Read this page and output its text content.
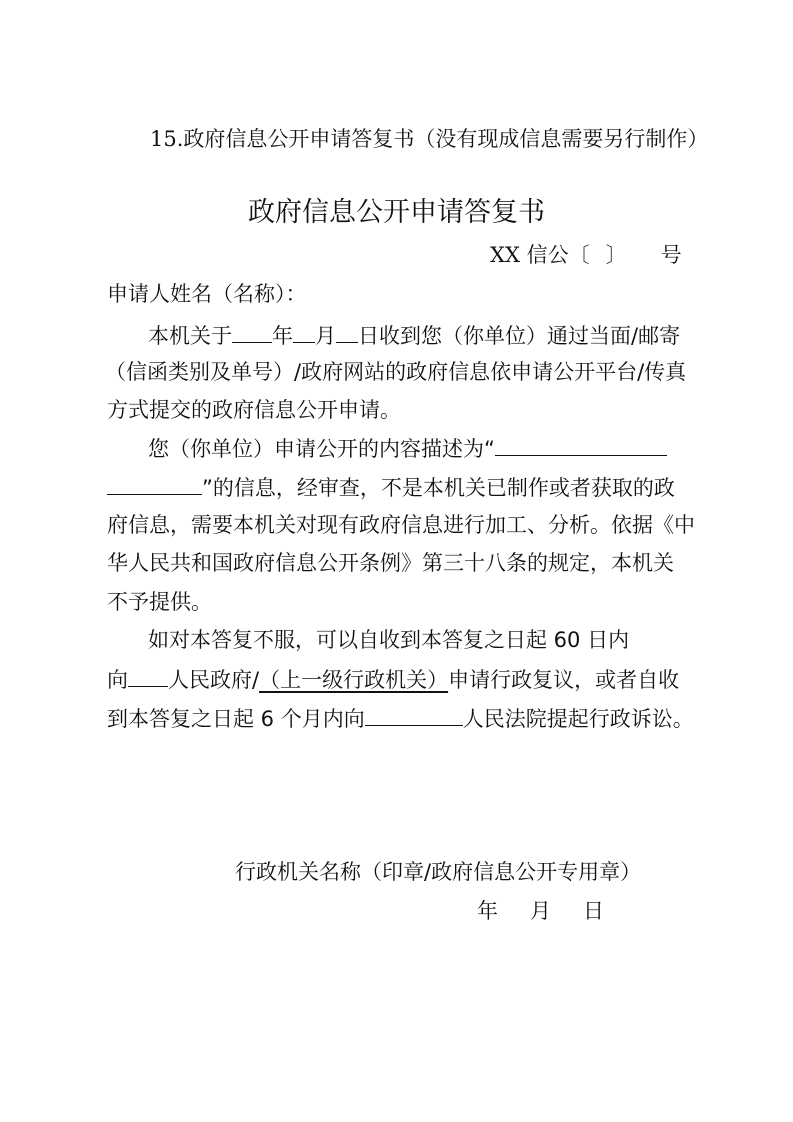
15.政府信息公开申请答复书（没有现成信息需要另行制作）
政府信息公开申请答复书
XX 信公〔 〕 号
申请人姓名（名称）：
本机关于 年 月 日收到您（你单位）通过当面/邮寄
（信函类别及单号）/政府网站的政府信息依申请公开平台/传真
方式提交的政府信息公开申请。
您（你单位）申请公开的内容描述为“
”的信息，经审查，不是本机关已制作或者获取的政
府信息，需要本机关对现有政府信息进行加工、分析。依据《中
华人民共和国政府信息公开条例》第三十八条的规定，本机关
不予提供。
如对本答复不服，可以自收到本答复之日起 60 日内
向 人民政府/（上一级行政机关）申请行政复议，或者自收
到本答复之日起 6 个月内向	人民法院提起行政诉讼。
行政机关名称（印章/政府信息公开专用章）
年 月 日
